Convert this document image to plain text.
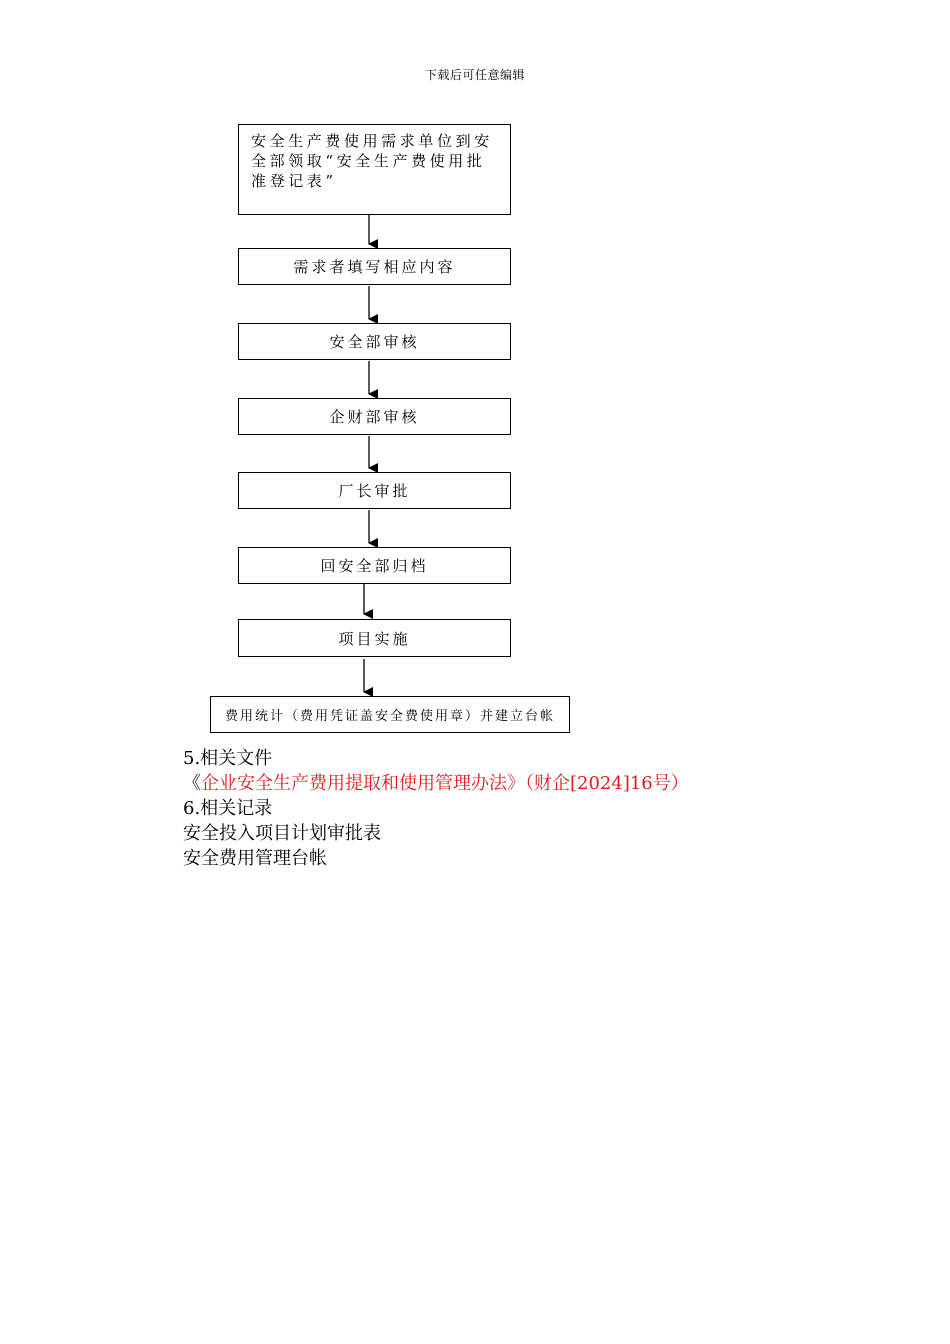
下载后可任意编辑
安全生产费使用需求单位到安全部领取“安全生产费使用批准登记表”
需求者填写相应内容
安全部审核
企财部审核
厂长审批
回安全部归档
项目实施
费用统计（费用凭证盖安全费使用章）并建立台帐
5.相关文件
《企业安全生产费用提取和使用管理办法》（财企[2024]16号）
6.相关记录
安全投入项目计划审批表
安全费用管理台帐
